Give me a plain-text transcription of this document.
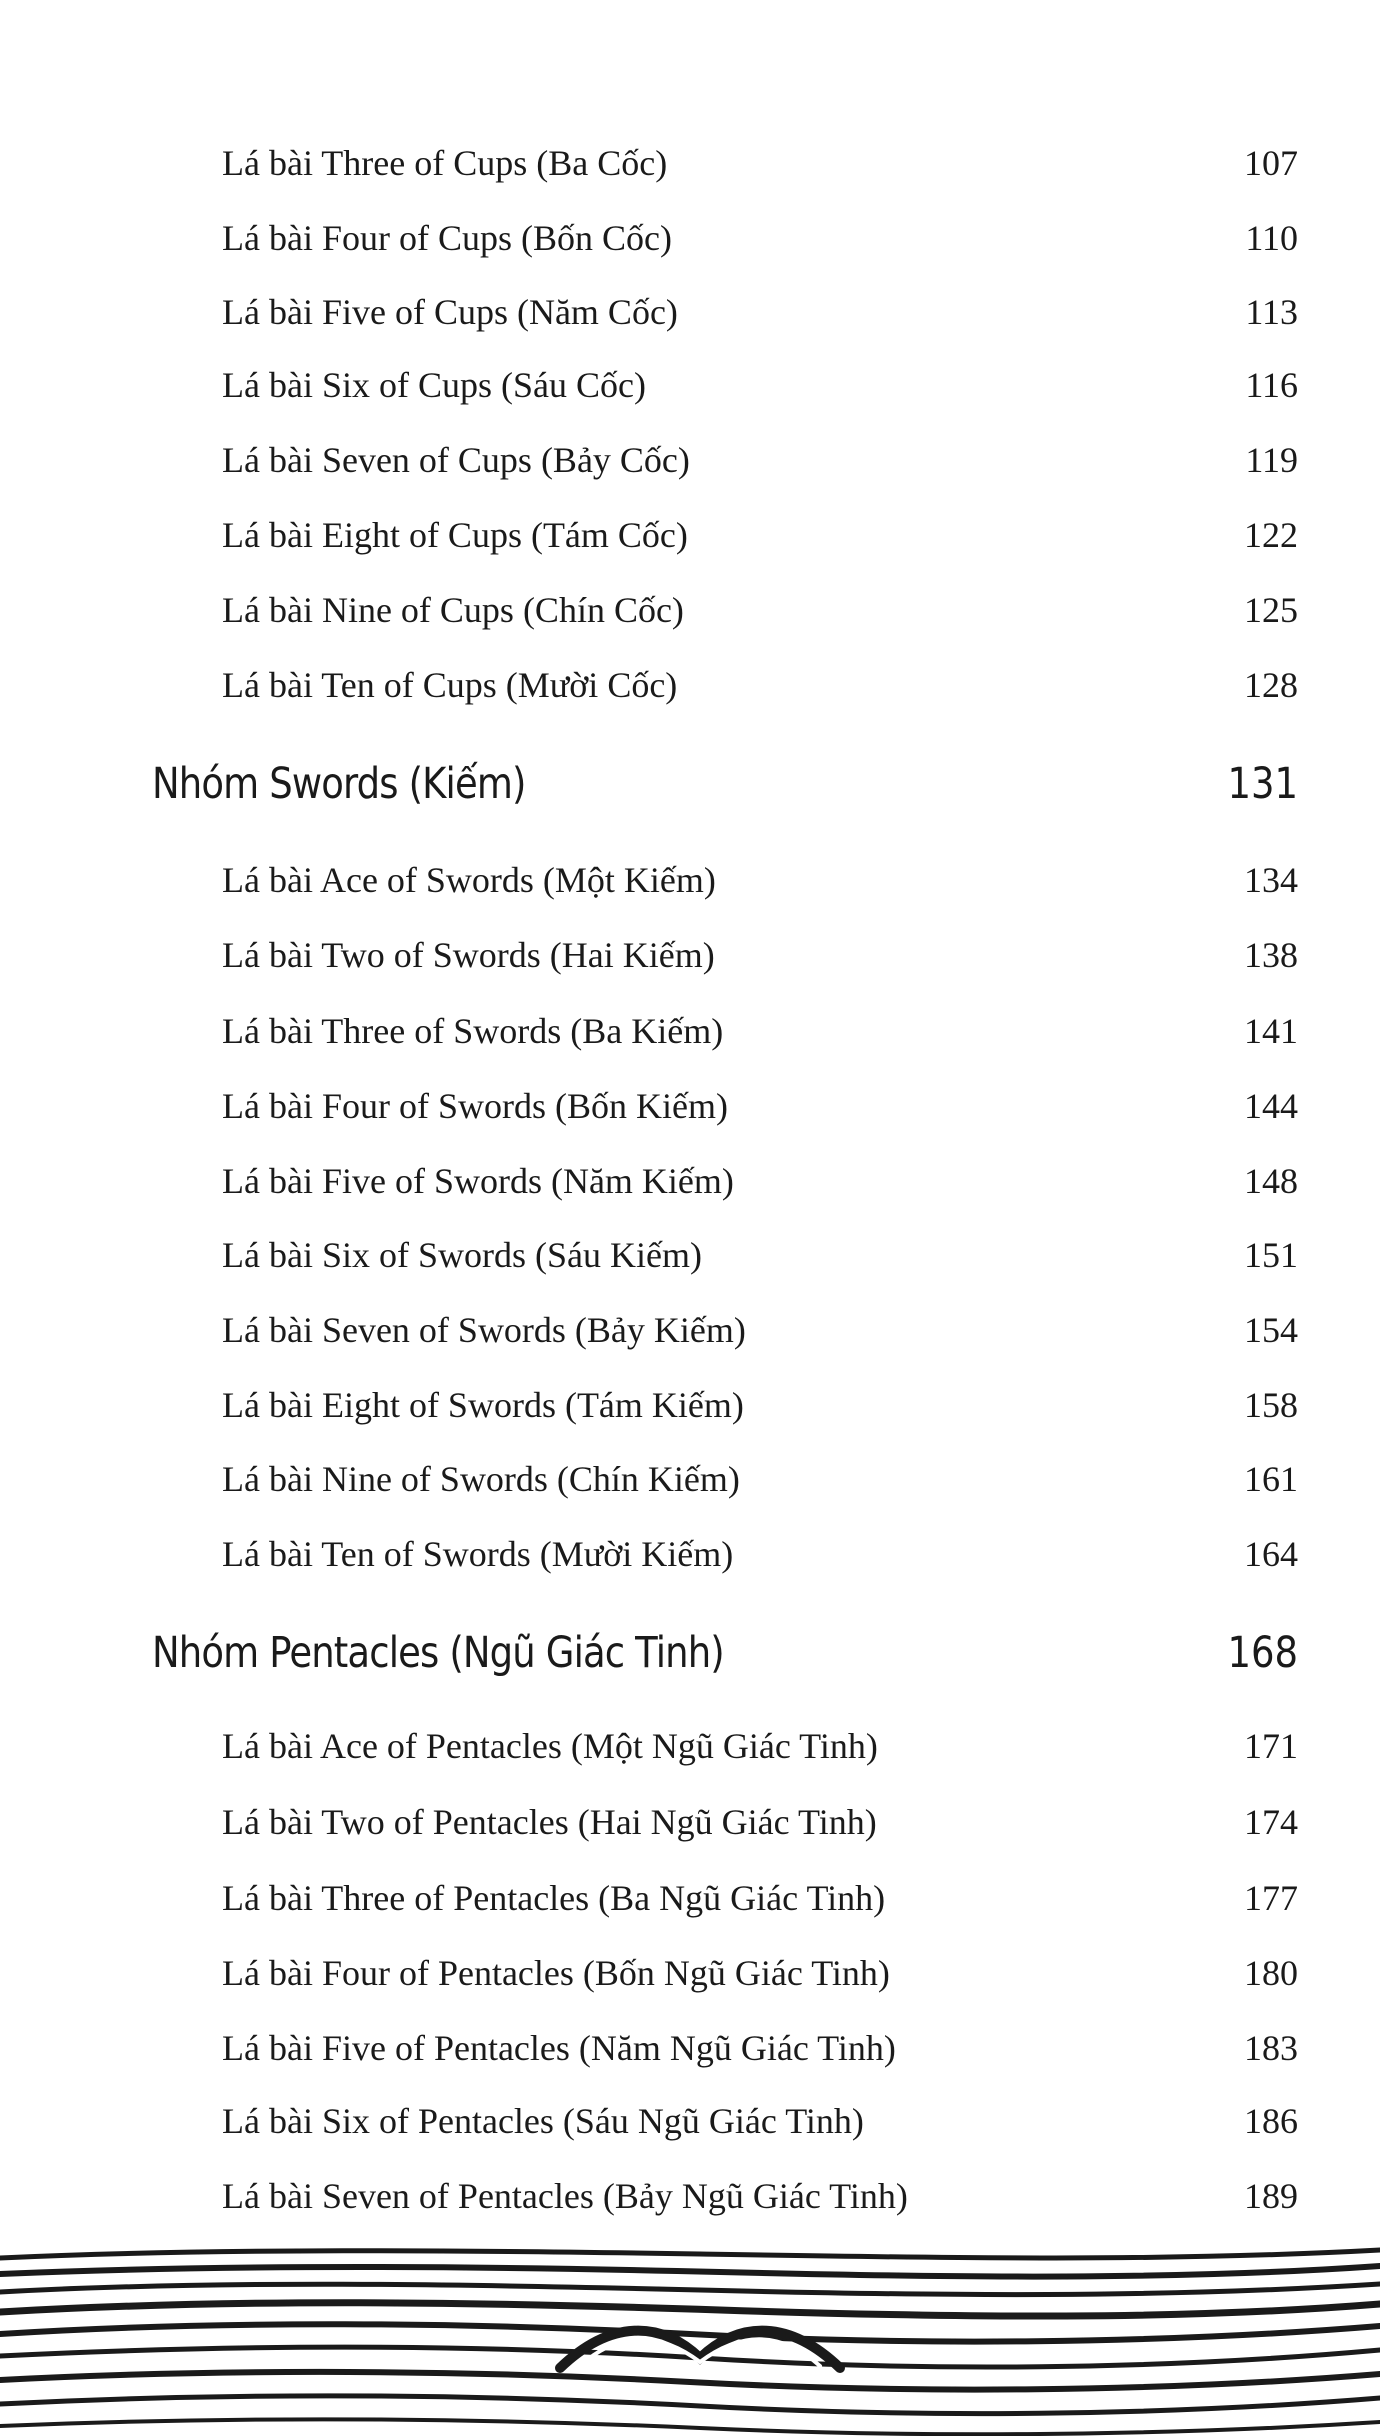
Lá bài Three of Cups (Ba Cốc)	107
Lá bài Four of Cups (Bốn Cốc)	110
Lá bài Five of Cups (Năm Cốc)	113
Lá bài Six of Cups (Sáu Cốc)	116
Lá bài Seven of Cups (Bảy Cốc)	119
Lá bài Eight of Cups (Tám Cốc)	122
Lá bài Nine of Cups (Chín Cốc)	125
Lá bài Ten of Cups (Mười Cốc)	128
Nhóm Swords (Kiếm)	131
Lá bài Ace of Swords (Một Kiếm)	134
Lá bài Two of Swords (Hai Kiếm)	138
Lá bài Three of Swords (Ba Kiếm)	141
Lá bài Four of Swords (Bốn Kiếm)	144
Lá bài Five of Swords (Năm Kiếm)	148
Lá bài Six of Swords (Sáu Kiếm)	151
Lá bài Seven of Swords (Bảy Kiếm)	154
Lá bài Eight of Swords (Tám Kiếm)	158
Lá bài Nine of Swords (Chín Kiếm)	161
Lá bài Ten of Swords (Mười Kiếm)	164
Nhóm Pentacles (Ngũ Giác Tinh)	168
Lá bài Ace of Pentacles (Một Ngũ Giác Tinh)	171
Lá bài Two of Pentacles (Hai Ngũ Giác Tinh)	174
Lá bài Three of Pentacles (Ba Ngũ Giác Tinh)	177
Lá bài Four of Pentacles (Bốn Ngũ Giác Tinh)	180
Lá bài Five of Pentacles (Năm Ngũ Giác Tinh)	183
Lá bài Six of Pentacles (Sáu Ngũ Giác Tinh)	186
Lá bài Seven of Pentacles (Bảy Ngũ Giác Tinh)	189
